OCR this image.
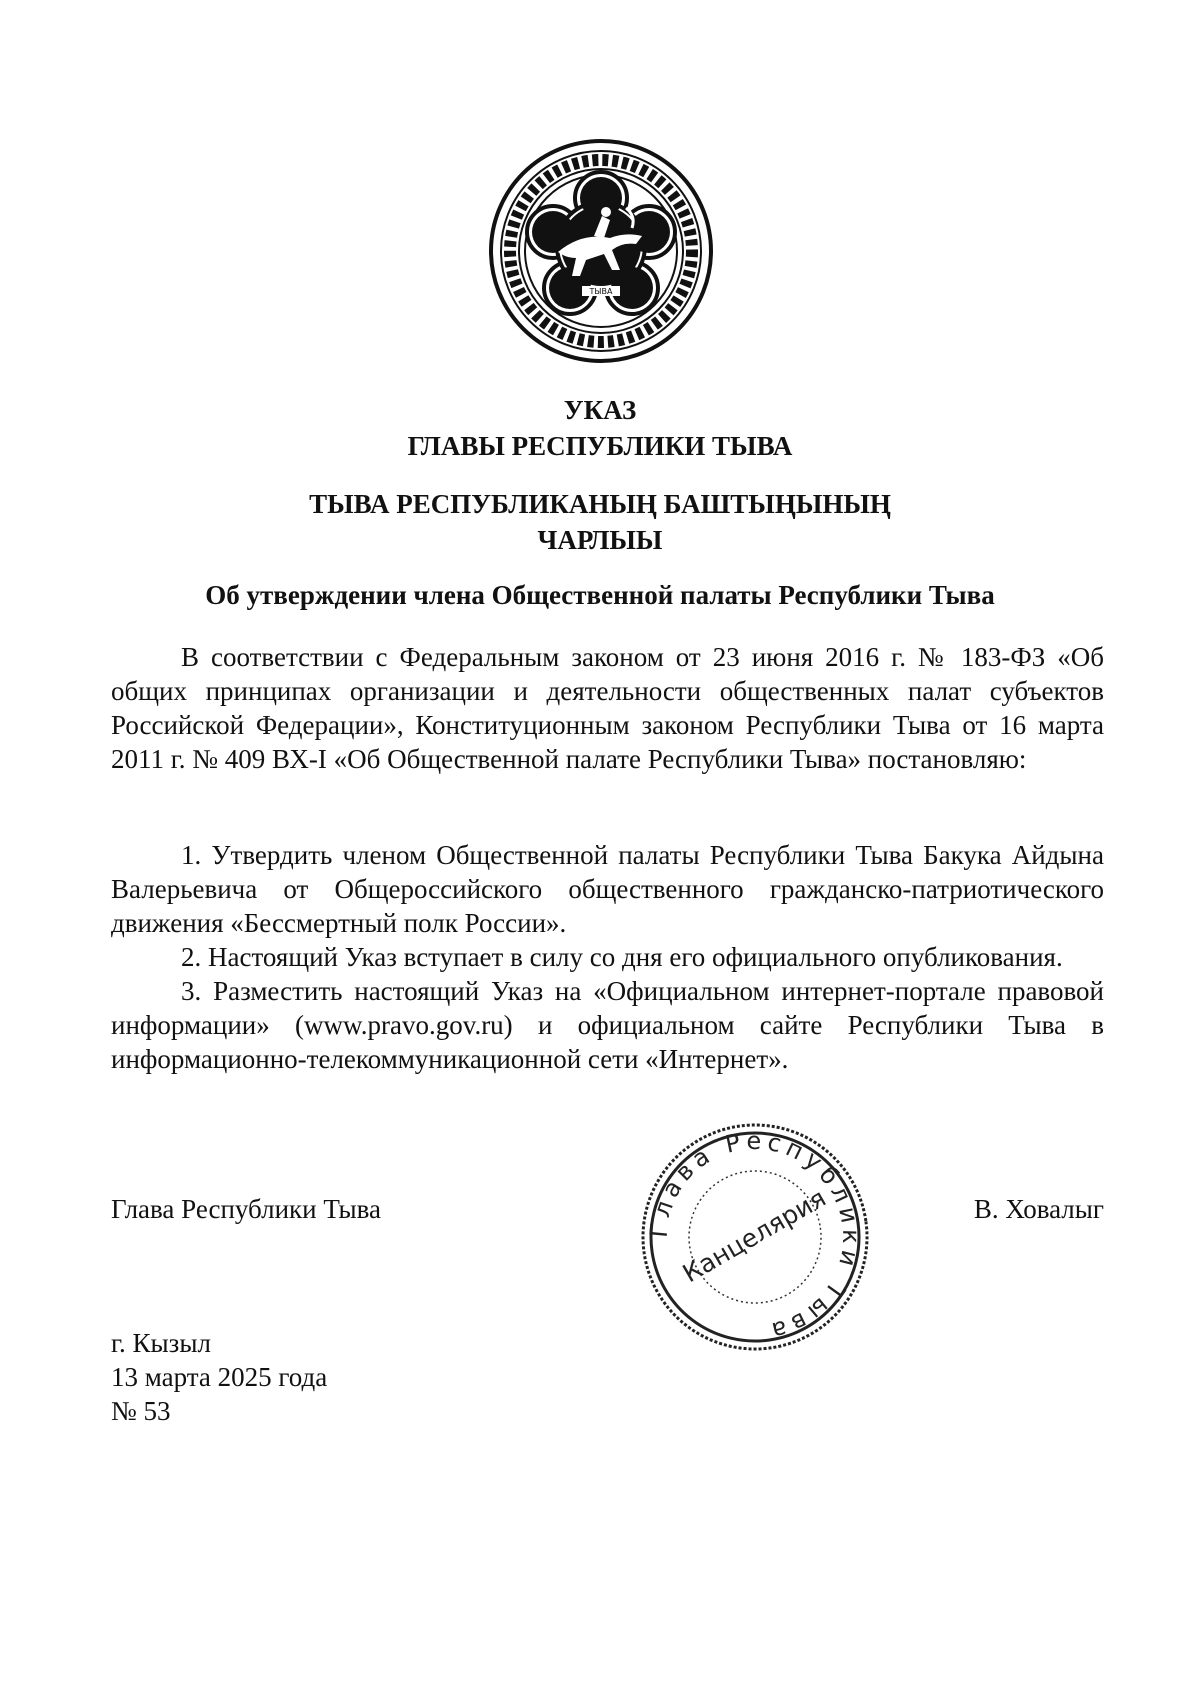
ТЫВА
УКАЗ
ГЛАВЫ РЕСПУБЛИКИ ТЫВА
ТЫВА РЕСПУБЛИКАНЫҢ БАШТЫҢЫНЫҢ
ЧАРЛЫЫ
Об утверждении члена Общественной палаты Республики Тыва

В соответствии с Федеральным законом от 23 июня 2016 г. № 183-ФЗ «Об общих принципах организации и деятельности общественных палат субъектов Российской Федерации», Конституционным законом Республики Тыва от 16 марта 2011 г. № 409 ВХ-I «Об Общественной палате Республики Тыва» постановляю:

1. Утвердить членом Общественной палаты Республики Тыва Бакука Айдына Валерьевича от Общероссийского общественного гражданско-патриотического движения «Бессмертный полк России».

2. Настоящий Указ вступает в силу со дня его официального опубликования.

3. Разместить настоящий Указ на «Официальном интернет-портале правовой информации» (www.pravo.gov.ru) и официальном сайте Республики Тыва в информационно-телекоммуникационной сети «Интернет».

Глава Республики Тыва	В. Ховалыг
Глава Республики Тыва
Канцелярия
г. Кызыл
13 марта 2025 года
№ 53
